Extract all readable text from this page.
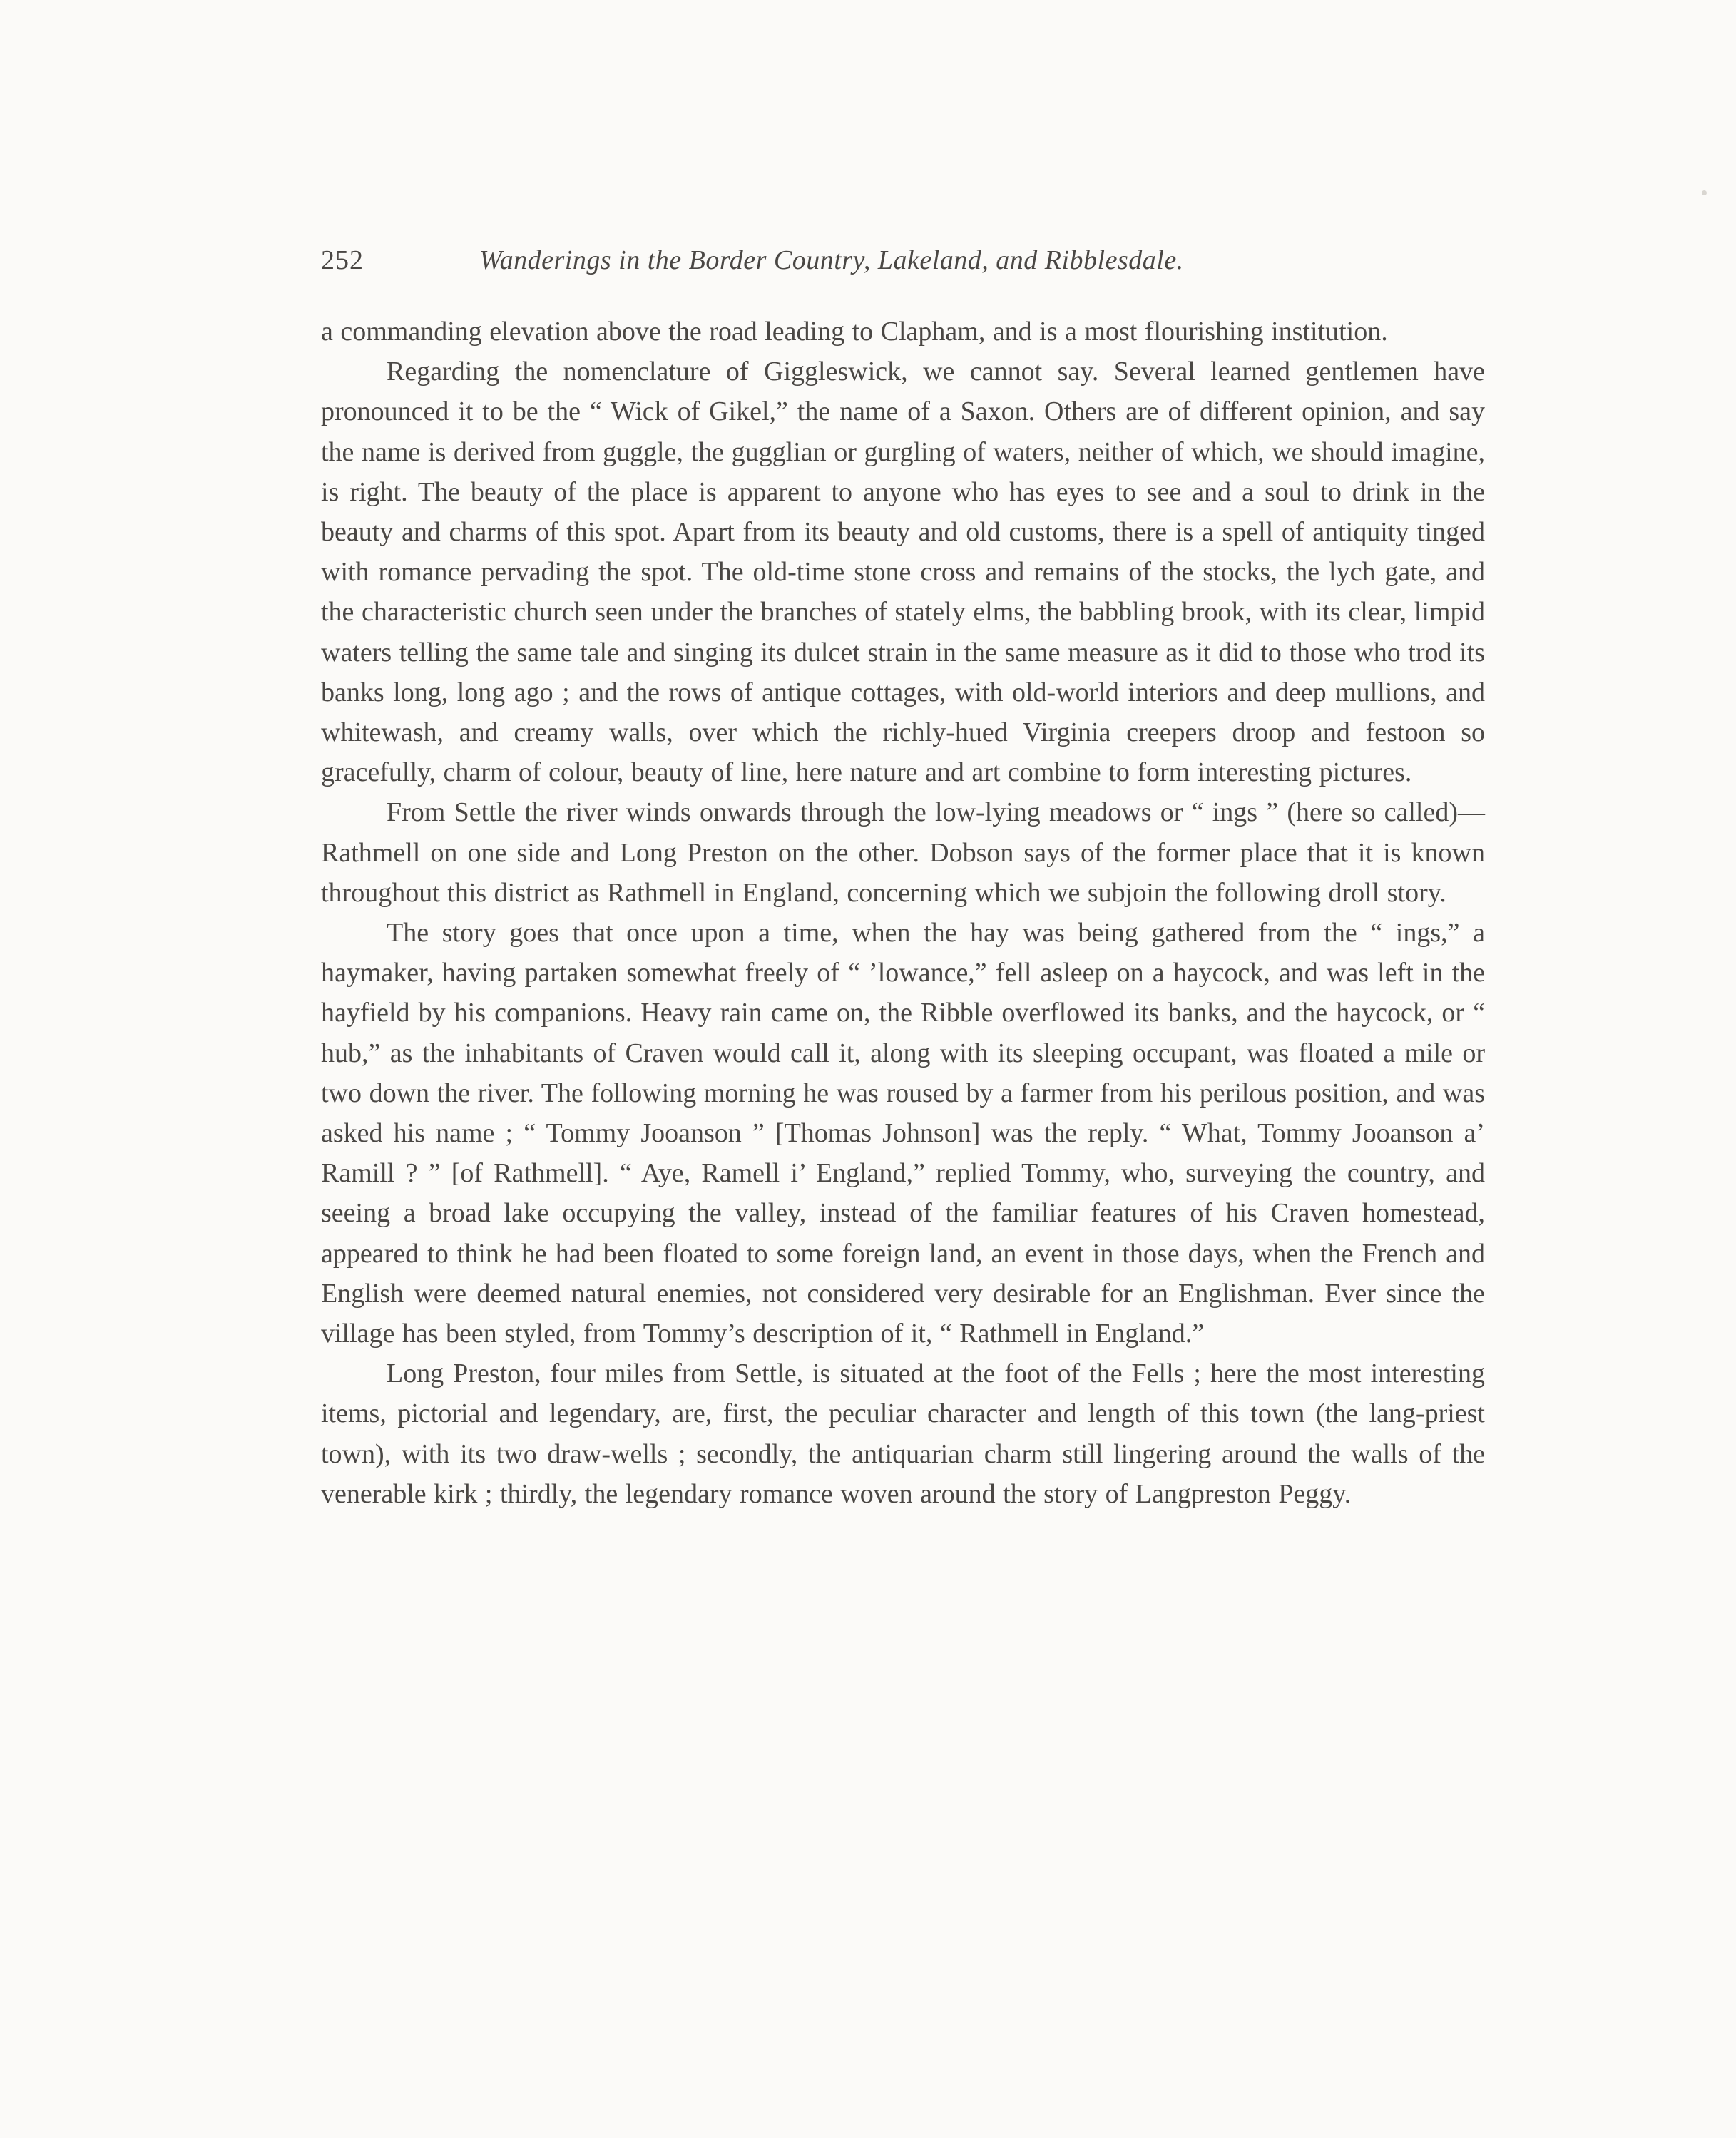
252	Wanderings in the Border Country, Lakeland, and Ribblesdale.

a commanding elevation above the road leading to Clapham, and is a most flourishing institution.

Regarding the nomenclature of Giggleswick, we cannot say. Several learned gentlemen have pronounced it to be the “ Wick of Gikel,” the name of a Saxon. Others are of different opinion, and say the name is derived from guggle, the gugglian or gurgling of waters, neither of which, we should imagine, is right. The beauty of the place is apparent to anyone who has eyes to see and a soul to drink in the beauty and charms of this spot. Apart from its beauty and old customs, there is a spell of antiquity tinged with romance pervading the spot. The old-time stone cross and remains of the stocks, the lych gate, and the characteristic church seen under the branches of stately elms, the babbling brook, with its clear, limpid waters telling the same tale and singing its dulcet strain in the same measure as it did to those who trod its banks long, long ago ; and the rows of antique cottages, with old-world interiors and deep mullions, and whitewash, and creamy walls, over which the richly-hued Virginia creepers droop and festoon so gracefully, charm of colour, beauty of line, here nature and art combine to form interesting pictures.

From Settle the river winds onwards through the low-lying meadows or “ ings ” (here so called)—Rathmell on one side and Long Preston on the other. Dobson says of the former place that it is known throughout this district as Rathmell in England, concerning which we subjoin the following droll story.

The story goes that once upon a time, when the hay was being gathered from the “ ings,” a haymaker, having partaken somewhat freely of “ ’lowance,” fell asleep on a haycock, and was left in the hayfield by his companions. Heavy rain came on, the Ribble overflowed its banks, and the haycock, or “ hub,” as the inhabitants of Craven would call it, along with its sleeping occupant, was floated a mile or two down the river. The following morning he was roused by a farmer from his perilous position, and was asked his name ; “ Tommy Jooanson ” [Thomas Johnson] was the reply. “ What, Tommy Jooanson a’ Ramill ? ” [of Rathmell]. “ Aye, Ramell i’ England,” replied Tommy, who, surveying the country, and seeing a broad lake occupying the valley, instead of the familiar features of his Craven homestead, appeared to think he had been floated to some foreign land, an event in those days, when the French and English were deemed natural enemies, not considered very desirable for an Englishman. Ever since the village has been styled, from Tommy’s description of it, “ Rathmell in England.”

Long Preston, four miles from Settle, is situated at the foot of the Fells ; here the most interesting items, pictorial and legendary, are, first, the peculiar character and length of this town (the lang-priest town), with its two draw-wells ; secondly, the antiquarian charm still lingering around the walls of the venerable kirk ; thirdly, the legendary romance woven around the story of Langpreston Peggy.
